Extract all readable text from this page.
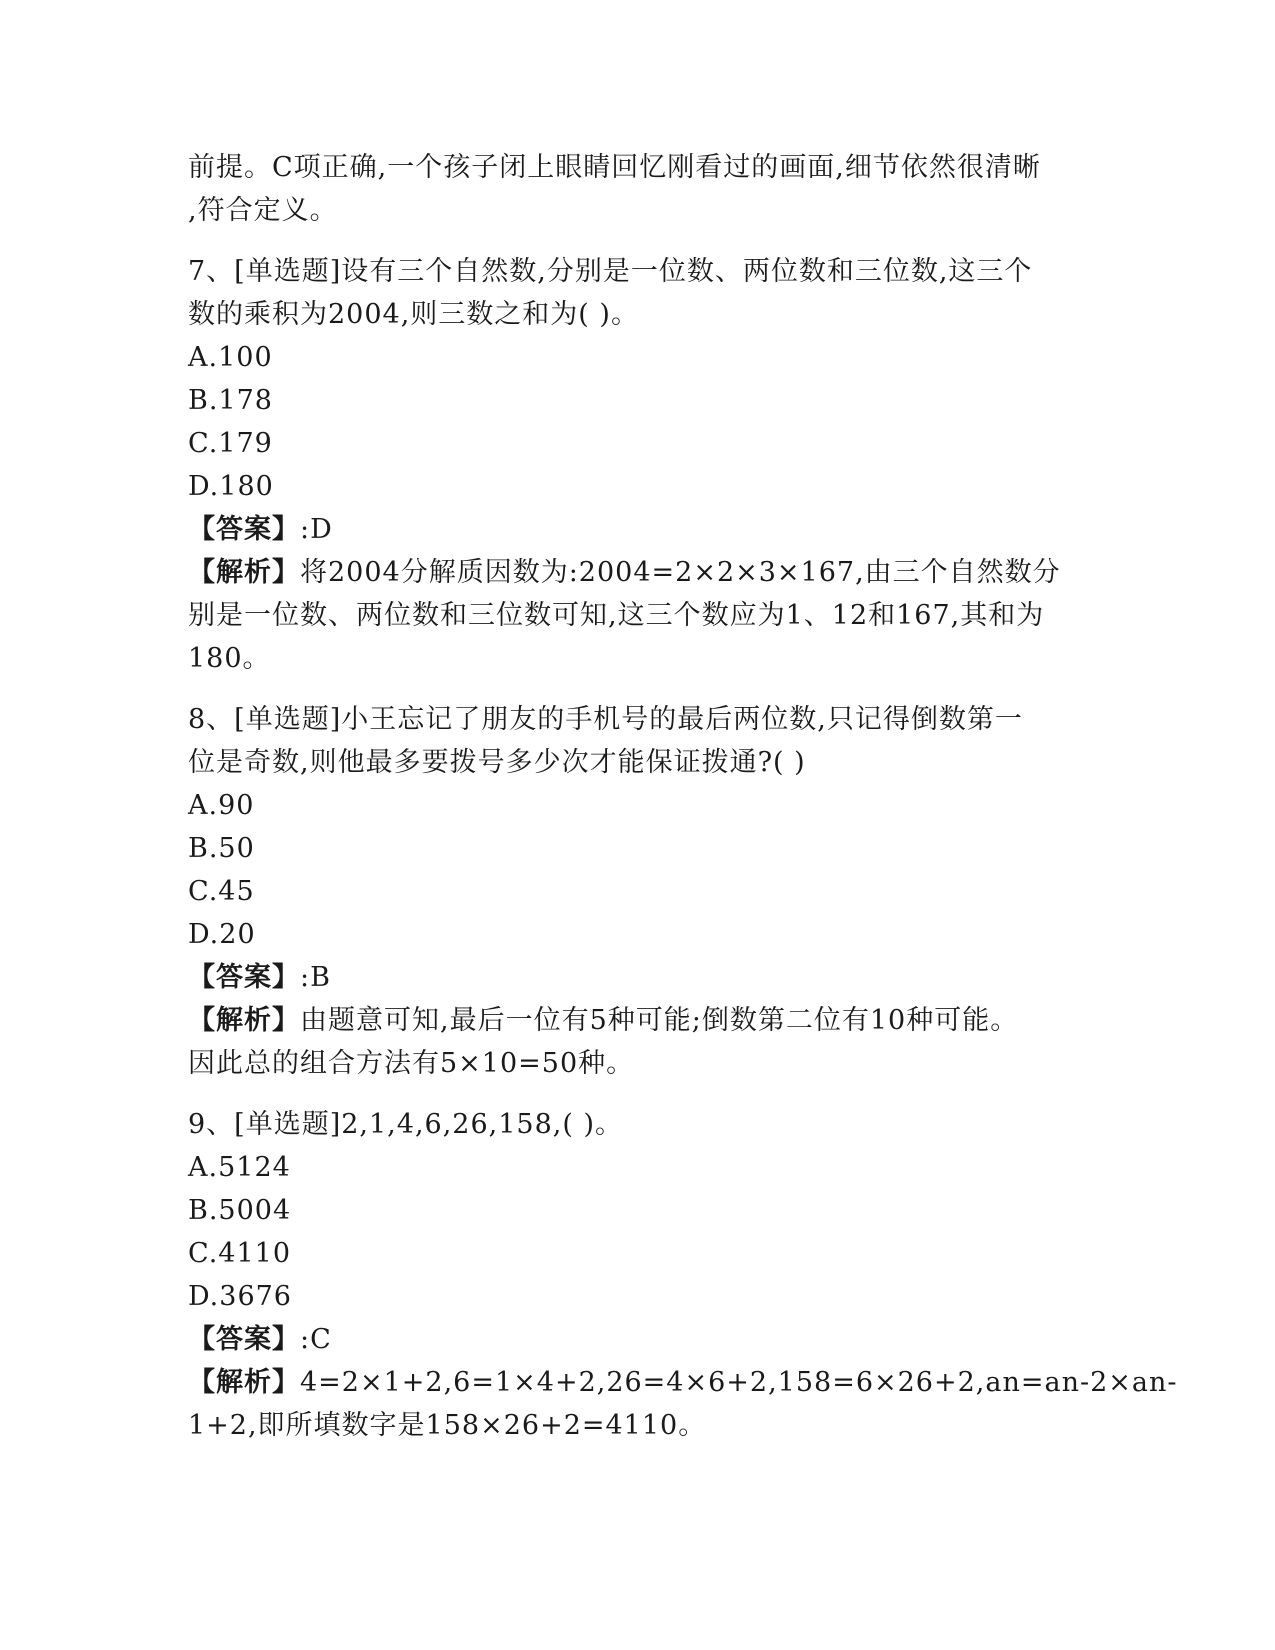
前提。C项正确,一个孩子闭上眼睛回忆刚看过的画面,细节依然很清晰
,符合定义。
7、[单选题]设有三个自然数,分别是一位数、两位数和三位数,这三个
数的乘积为2004,则三数之和为( )。
A.100
B.178
C.179
D.180
【答案】:D
【解析】将2004分解质因数为:2004=2×2×3×167,由三个自然数分
别是一位数、两位数和三位数可知,这三个数应为1、12和167,其和为
180。
8、[单选题]小王忘记了朋友的手机号的最后两位数,只记得倒数第一
位是奇数,则他最多要拨号多少次才能保证拨通?( )
A.90
B.50
C.45
D.20
【答案】:B
【解析】由题意可知,最后一位有5种可能;倒数第二位有10种可能。
因此总的组合方法有5×10=50种。
9、[单选题]2,1,4,6,26,158,( )。
A.5124
B.5004
C.4110
D.3676
【答案】:C
【解析】4=2×1+2,6=1×4+2,26=4×6+2,158=6×26+2,an=an-2×an-
1+2,即所填数字是158×26+2=4110。
